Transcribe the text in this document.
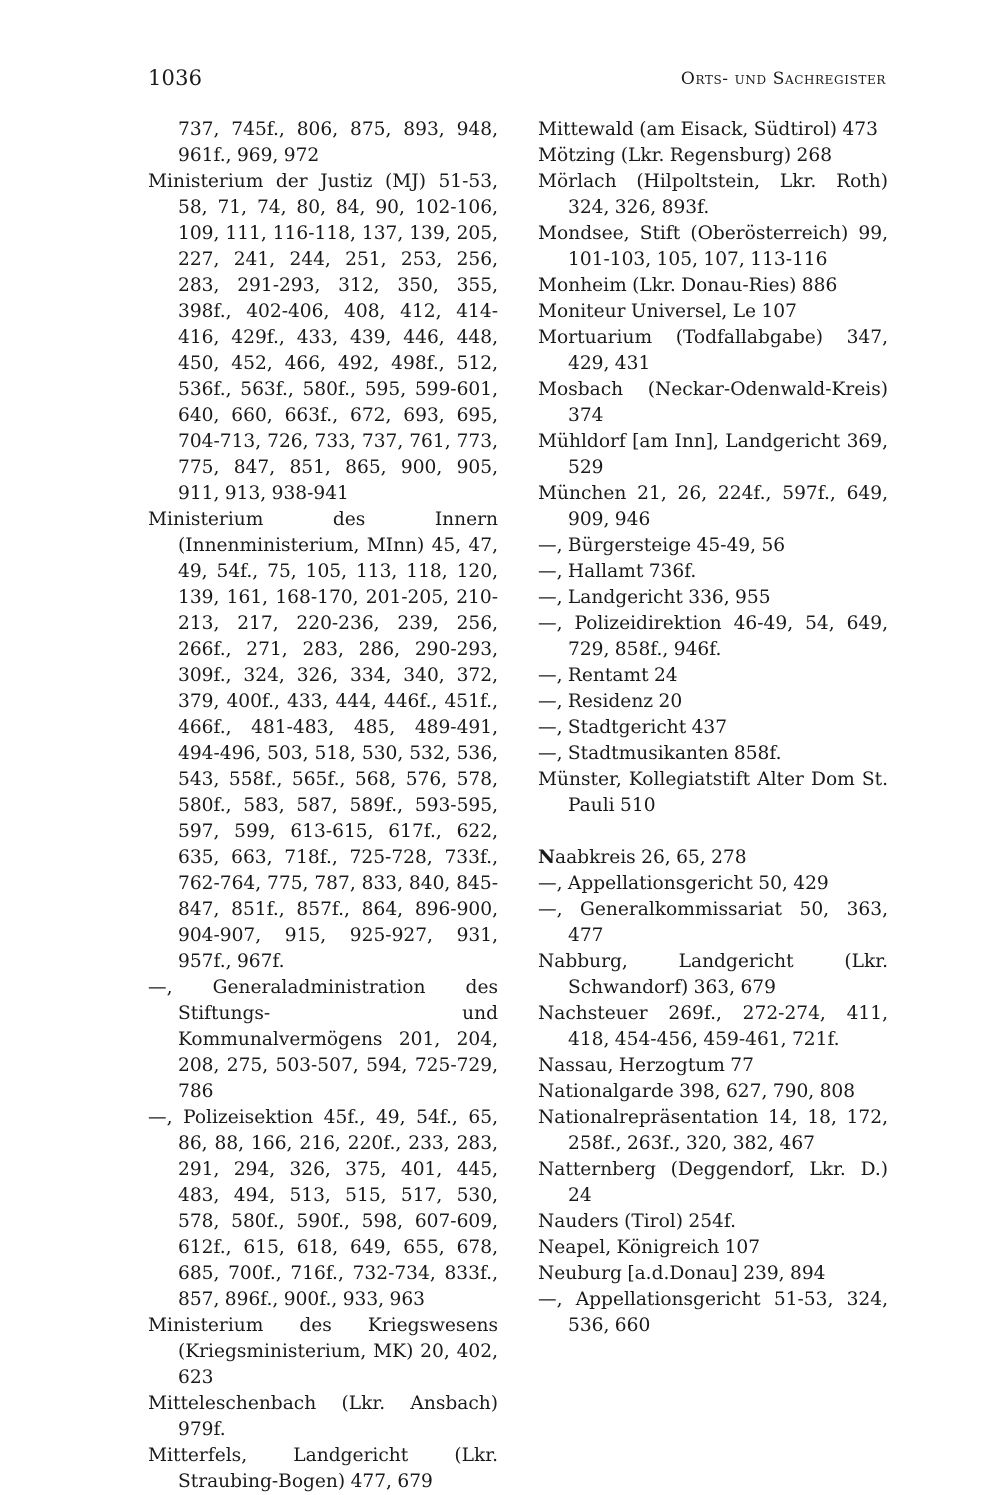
1036	Orts- und Sachregister
737, 745f., 806, 875, 893, 948, 961f., 969, 972
Ministerium der Justiz (MJ) 51-53, 58, 71, 74, 80, 84, 90, 102-106, 109, 111, 116-118, 137, 139, 205, 227, 241, 244, 251, 253, 256, 283, 291-293, 312, 350, 355, 398f., 402-406, 408, 412, 414-416, 429f., 433, 439, 446, 448, 450, 452, 466, 492, 498f., 512, 536f., 563f., 580f., 595, 599-601, 640, 660, 663f., 672, 693, 695, 704-713, 726, 733, 737, 761, 773, 775, 847, 851, 865, 900, 905, 911, 913, 938-941
Ministerium des Innern (Innenministerium, MInn) 45, 47, 49, 54f., 75, 105, 113, 118, 120, 139, 161, 168-170, 201-205, 210-213, 217, 220-236, 239, 256, 266f., 271, 283, 286, 290-293, 309f., 324, 326, 334, 340, 372, 379, 400f., 433, 444, 446f., 451f., 466f., 481-483, 485, 489-491, 494-496, 503, 518, 530, 532, 536, 543, 558f., 565f., 568, 576, 578, 580f., 583, 587, 589f., 593-595, 597, 599, 613-615, 617f., 622, 635, 663, 718f., 725-728, 733f., 762-764, 775, 787, 833, 840, 845-847, 851f., 857f., 864, 896-900, 904-907, 915, 925-927, 931, 957f., 967f.
—, Generaladministration des Stiftungs- und Kommunalvermögens 201, 204, 208, 275, 503-507, 594, 725-729, 786
—, Polizeisektion 45f., 49, 54f., 65, 86, 88, 166, 216, 220f., 233, 283, 291, 294, 326, 375, 401, 445, 483, 494, 513, 515, 517, 530, 578, 580f., 590f., 598, 607-609, 612f., 615, 618, 649, 655, 678, 685, 700f., 716f., 732-734, 833f., 857, 896f., 900f., 933, 963
Ministerium des Kriegswesens (Kriegsministerium, MK) 20, 402, 623
Mitteleschenbach (Lkr. Ansbach) 979f.
Mitterfels, Landgericht (Lkr. Straubing-Bogen) 477, 679
Mittewald (am Eisack, Südtirol) 473
Mötzing (Lkr. Regensburg) 268
Mörlach (Hilpoltstein, Lkr. Roth) 324, 326, 893f.
Mondsee, Stift (Oberösterreich) 99, 101-103, 105, 107, 113-116
Monheim (Lkr. Donau-Ries) 886
Moniteur Universel, Le 107
Mortuarium (Todfallabgabe) 347, 429, 431
Mosbach (Neckar-Odenwald-Kreis) 374
Mühldorf [am Inn], Landgericht 369, 529
München 21, 26, 224f., 597f., 649, 909, 946
—, Bürgersteige 45-49, 56
—, Hallamt 736f.
—, Landgericht 336, 955
—, Polizeidirektion 46-49, 54, 649, 729, 858f., 946f.
—, Rentamt 24
—, Residenz 20
—, Stadtgericht 437
—, Stadtmusikanten 858f.
Münster, Kollegiatstift Alter Dom St. Pauli 510
Naabkreis 26, 65, 278
—, Appellationsgericht 50, 429
—, Generalkommissariat 50, 363, 477
Nabburg, Landgericht (Lkr. Schwandorf) 363, 679
Nachsteuer 269f., 272-274, 411, 418, 454-456, 459-461, 721f.
Nassau, Herzogtum 77
Nationalgarde 398, 627, 790, 808
Nationalrepräsentation 14, 18, 172, 258f., 263f., 320, 382, 467
Natternberg (Deggendorf, Lkr. D.) 24
Nauders (Tirol) 254f.
Neapel, Königreich 107
Neuburg [a.d.Donau] 239, 894
—, Appellationsgericht 51-53, 324, 536, 660
